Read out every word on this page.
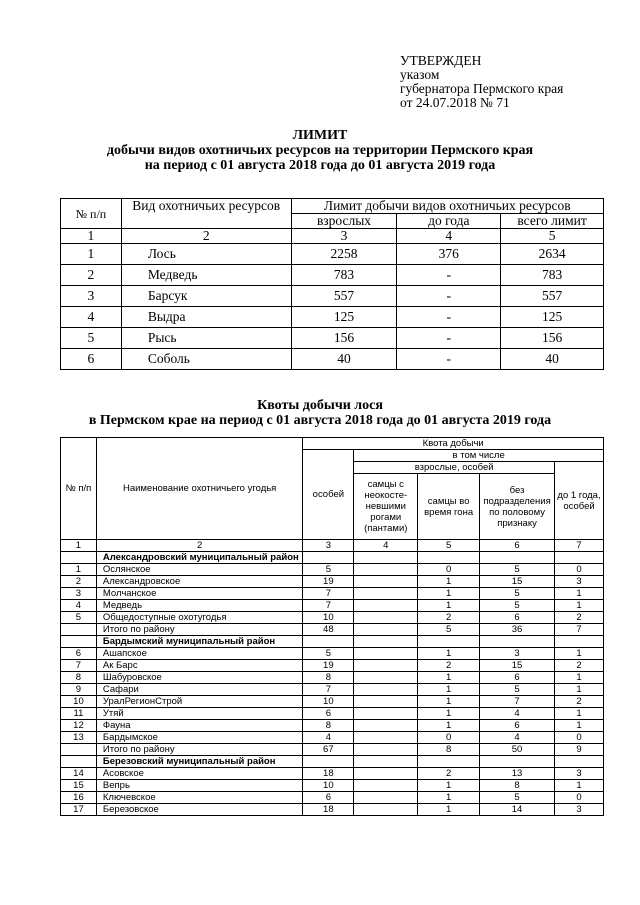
УТВЕРЖДЕН
указом
губернатора Пермского края
от 24.07.2018 № 71
ЛИМИТ
добычи видов охотничьих ресурсов на территории Пермского края
на период с 01 августа 2018 года до 01 августа 2019 года
№ п/п	Вид охотничьих ресурсов	Лимит добычи видов охотничьих ресурсов		
		взрослых	до года	всего лимит
1	2	3	4	5
1	Лось	2258	376	2634
2	Медведь	783	-	783
3	Барсук	557	-	557
4	Выдра	125	-	125
5	Рысь	156	-	156
6	Соболь	40	-	40
Квоты добычи лося
в Пермском крае на период с 01 августа 2018 года до 01 августа 2019 года
№ п/п	Наименование охотничьего угодья	Квота добычи				
		особей	в том числе			
			взрослые, особей			до 1 года, особей
			самцы с неокосте-невшими рогами (пантами)	самцы во время гона	без подразделения по половому признаку	

1	2	3	4	5	6	7
	Александровский муниципальный район					
1	Ослянское	5		0	5	0
2	Александровское	19		1	15	3
3	Молчанское	7		1	5	1
4	Медведь	7		1	5	1
5	Общедоступные охотугодья	10		2	6	2
	Итого по району	48		5	36	7
	Бардымский муниципальный район					
6	Ашапское	5		1	3	1
7	Ак Барс	19		2	15	2
8	Шабуровское	8		1	6	1
9	Сафари	7		1	5	1
10	УралРегионСтрой	10		1	7	2
11	Утяй	6		1	4	1
12	Фауна	8		1	6	1
13	Бардымское	4		0	4	0
	Итого по району	67		8	50	9
	Березовский муниципальный район					
14	Асовское	18		2	13	3
15	Вепрь	10		1	8	1
16	Ключевское	6		1	5	0
17	Березовское	18		1	14	3
